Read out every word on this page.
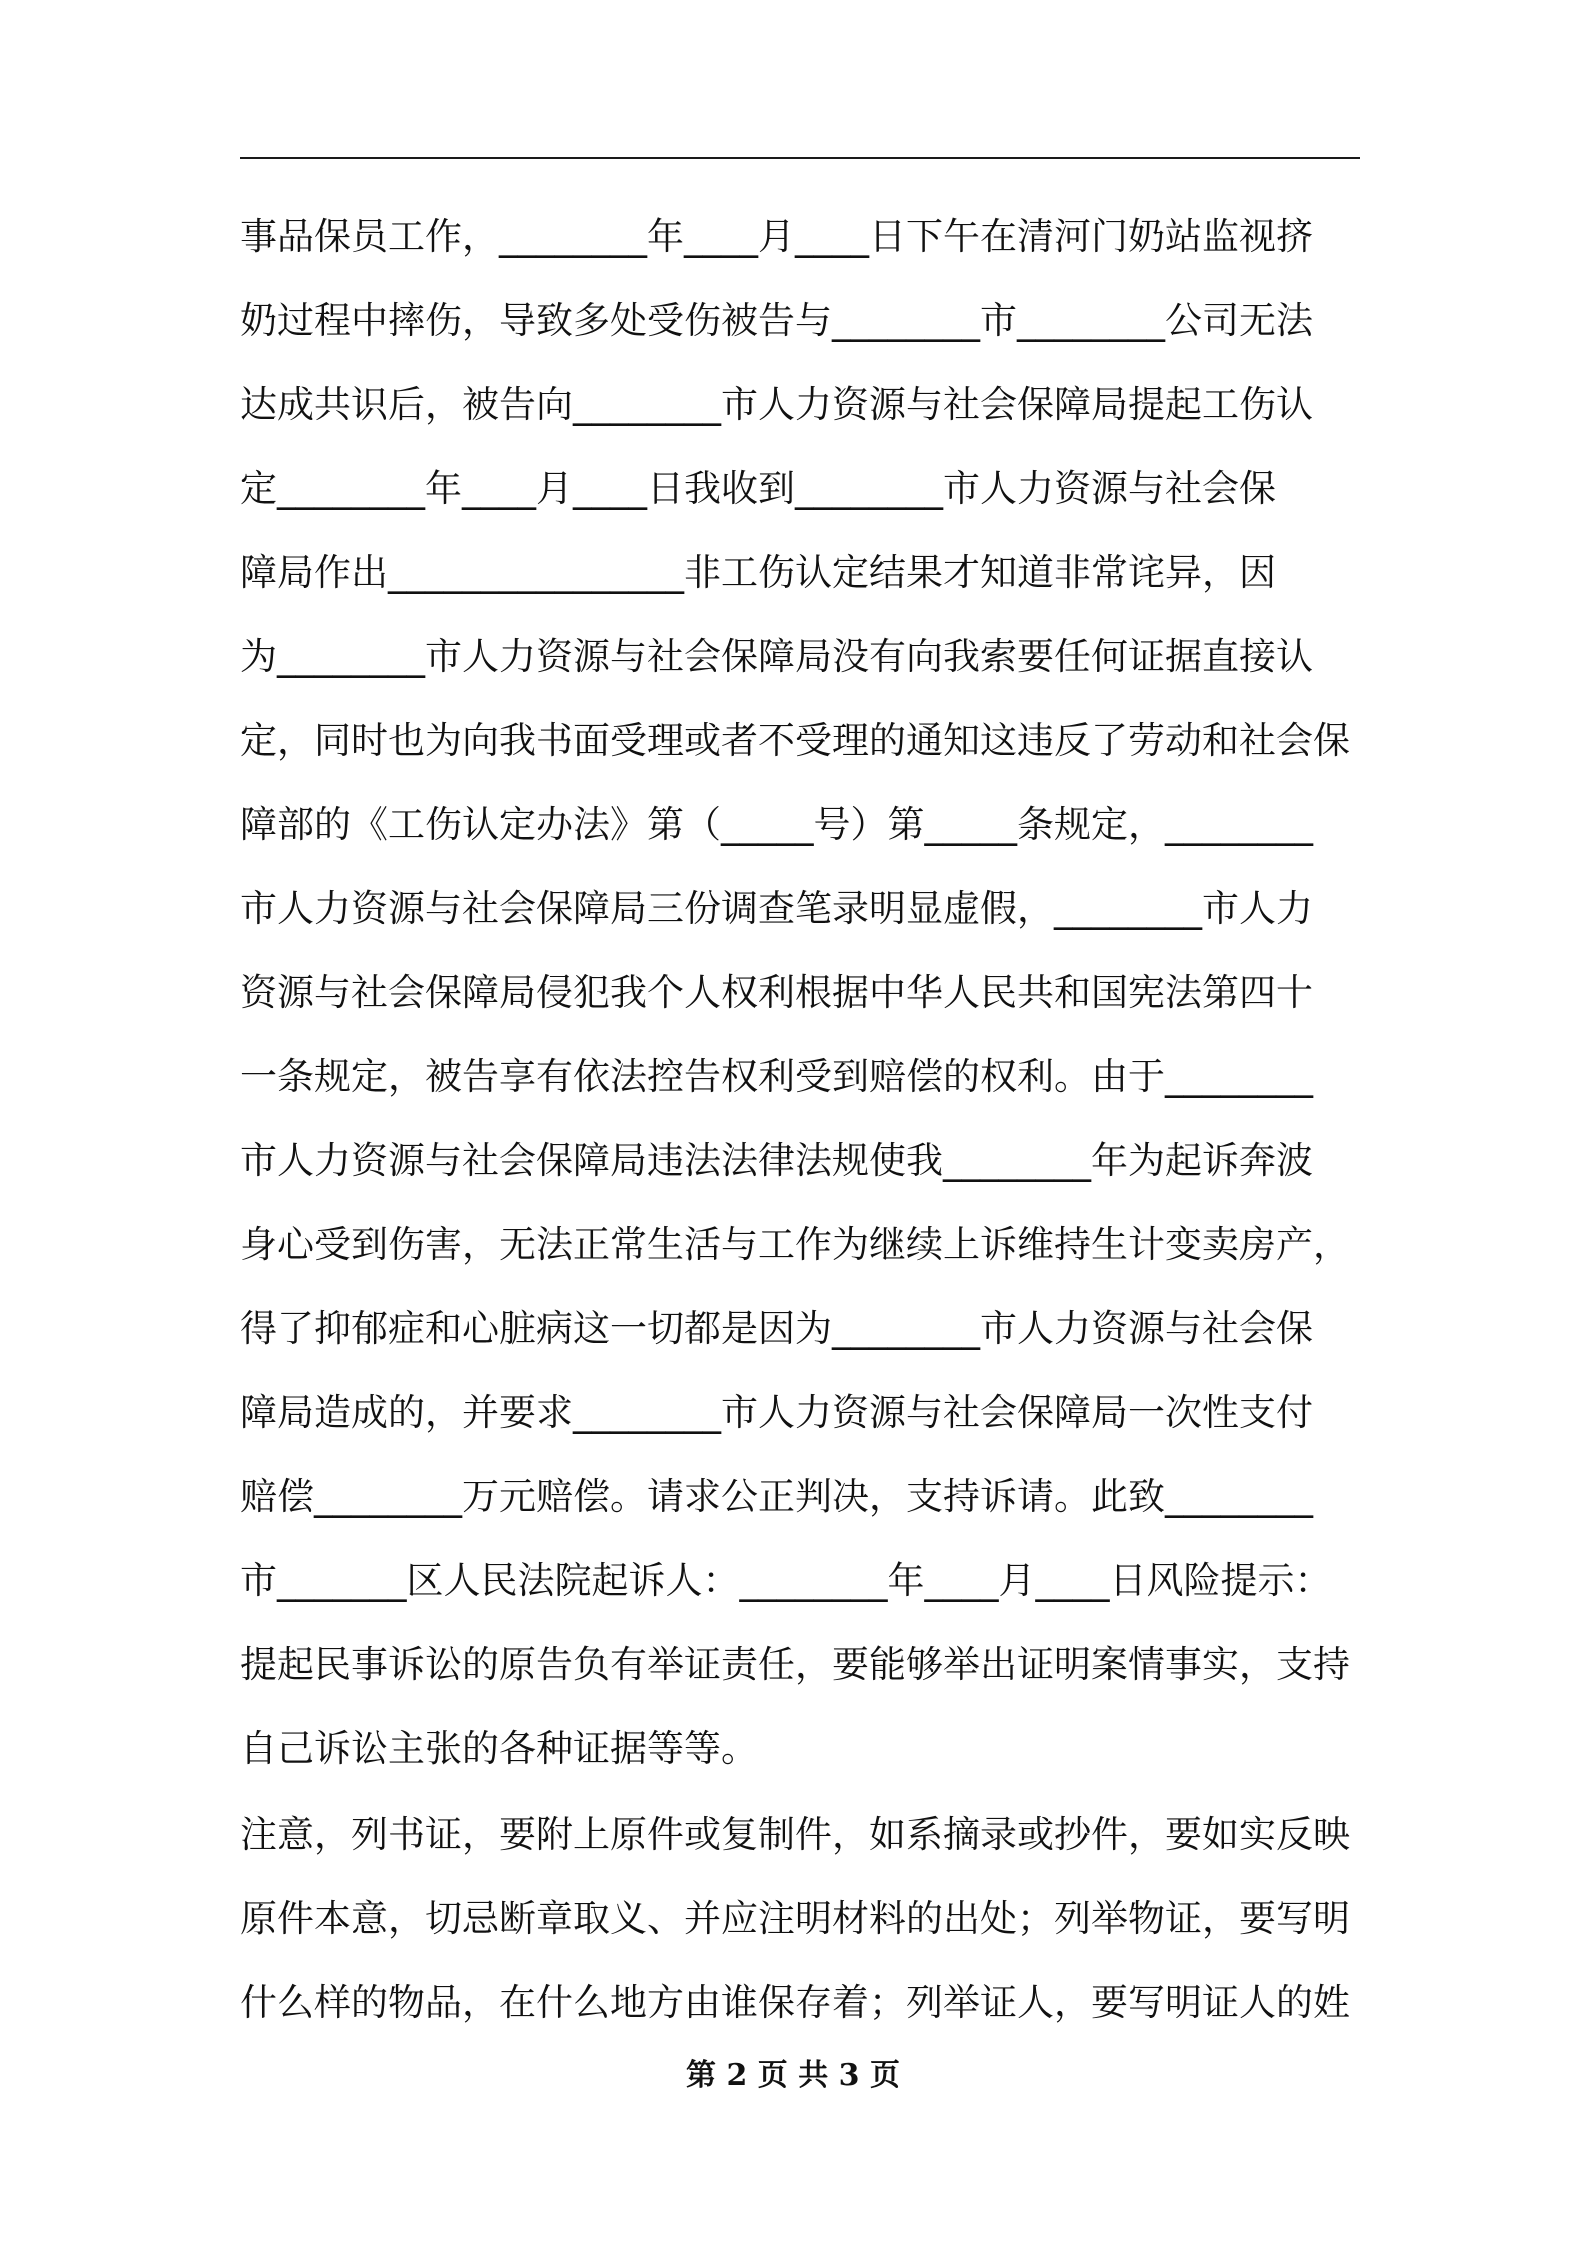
事品保员工作，________年____月____日下午在清河门奶站监视挤
奶过程中摔伤，导致多处受伤被告与________市________公司无法
达成共识后，被告向________市人力资源与社会保障局提起工伤认
定________年____月____日我收到________市人力资源与社会保
障局作出________________非工伤认定结果才知道非常诧异，因
为________市人力资源与社会保障局没有向我索要任何证据直接认
定，同时也为向我书面受理或者不受理的通知这违反了劳动和社会保
障部的《工伤认定办法》第（_____号）第_____条规定，________
市人力资源与社会保障局三份调查笔录明显虚假，________市人力
资源与社会保障局侵犯我个人权利根据中华人民共和国宪法第四十
一条规定，被告享有依法控告权利受到赔偿的权利。由于________
市人力资源与社会保障局违法法律法规使我________年为起诉奔波
身心受到伤害，无法正常生活与工作为继续上诉维持生计变卖房产，
得了抑郁症和心脏病这一切都是因为________市人力资源与社会保
障局造成的，并要求________市人力资源与社会保障局一次性支付
赔偿________万元赔偿。请求公正判决，支持诉请。此致________
市_______区人民法院起诉人：________年____月____日风险提示：
提起民事诉讼的原告负有举证责任，要能够举出证明案情事实，支持
自己诉讼主张的各种证据等等。
注意，列书证，要附上原件或复制件，如系摘录或抄件，要如实反映
原件本意，切忌断章取义、并应注明材料的出处；列举物证，要写明
什么样的物品，在什么地方由谁保存着；列举证人，要写明证人的姓
第 2 页 共 3 页
